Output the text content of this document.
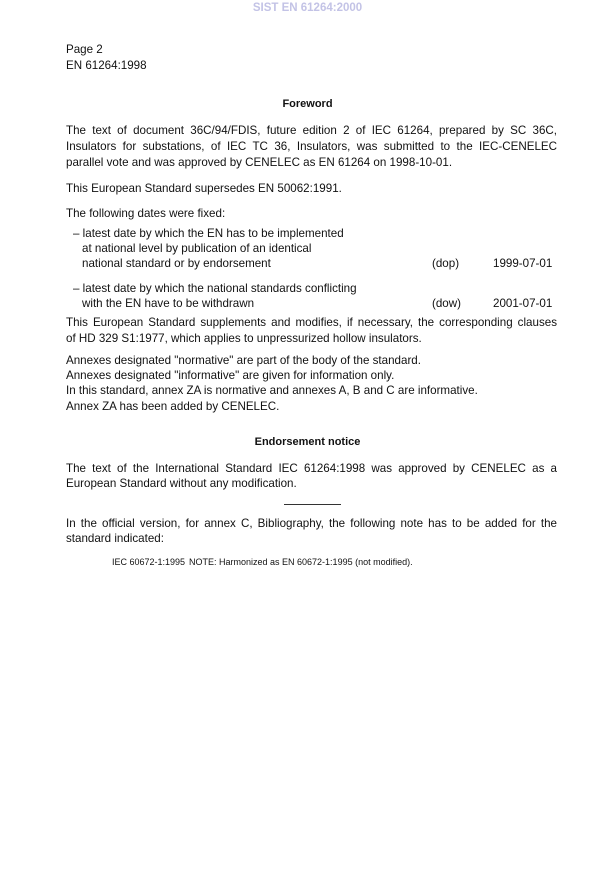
SIST EN 61264:2000
Page 2
EN 61264:1998
Foreword
The text of document 36C/94/FDIS, future edition 2 of IEC 61264, prepared by SC 36C,
Insulators for substations, of IEC TC 36, Insulators, was submitted to the IEC-CENELEC
parallel vote and was approved by CENELEC as EN 61264 on 1998-10-01.
This European Standard supersedes EN 50062:1991.
The following dates were fixed:
– latest date by which the EN has to be implemented
at national level by publication of an identical
national standard or by endorsement	(dop)	1999-07-01
– latest date by which the national standards conflicting
with the EN have to be withdrawn	(dow)	2001-07-01
This European Standard supplements and modifies, if necessary, the corresponding clauses
of HD 329 S1:1977, which applies to unpressurized hollow insulators.
Annexes designated "normative" are part of the body of the standard.
Annexes designated "informative" are given for information only.
In this standard, annex ZA is normative and annexes A, B and C are informative.
Annex ZA has been added by CENELEC.
Endorsement notice
The text of the International Standard IEC 61264:1998 was approved by CENELEC as a
European Standard without any modification.
In the official version, for annex C, Bibliography, the following note has to be added for the
standard indicated:
IEC 60672-1:1995 NOTE: Harmonized as EN 60672-1:1995 (not modified).
